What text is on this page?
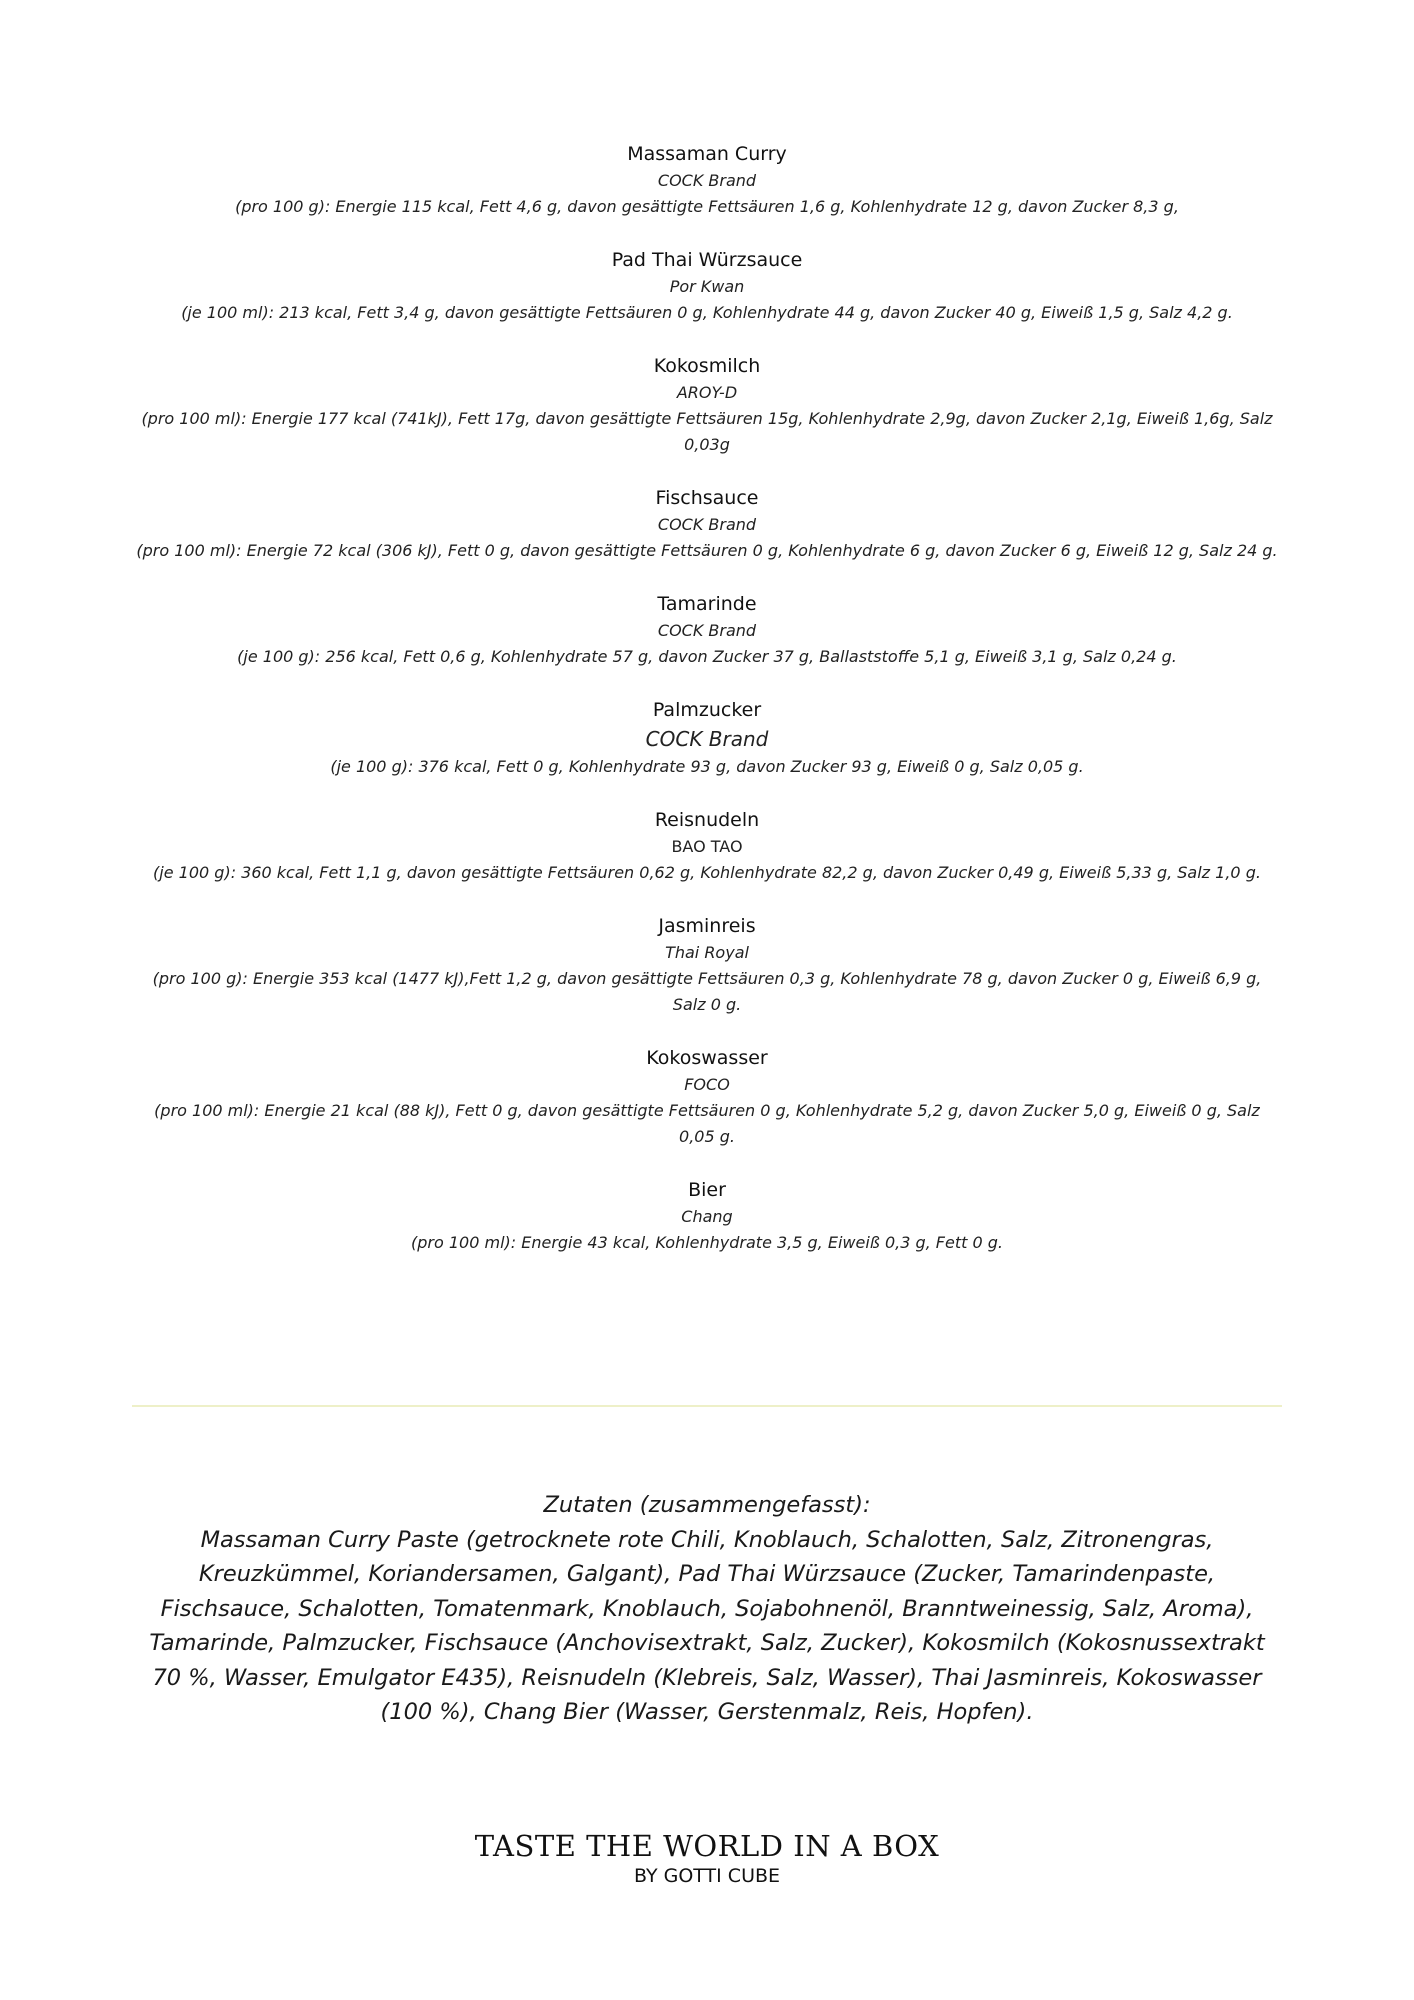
Massaman Curry
COCK Brand
(pro 100 g): Energie 115 kcal, Fett 4,6 g, davon gesättigte Fettsäuren 1,6 g, Kohlenhydrate 12 g, davon Zucker 8,3 g,
Pad Thai Würzsauce
Por Kwan
(je 100 ml): 213 kcal, Fett 3,4 g, davon gesättigte Fettsäuren 0 g, Kohlenhydrate 44 g, davon Zucker 40 g, Eiweiß 1,5 g, Salz 4,2 g.
Kokosmilch
AROY-D
(pro 100 ml): Energie 177 kcal (741kJ), Fett 17g, davon gesättigte Fettsäuren 15g, Kohlenhydrate 2,9g, davon Zucker 2,1g, Eiweiß 1,6g, Salz 0,03g
Fischsauce
COCK Brand
(pro 100 ml): Energie 72 kcal (306 kJ), Fett 0 g, davon gesättigte Fettsäuren 0 g, Kohlenhydrate 6 g, davon Zucker 6 g, Eiweiß 12 g, Salz 24 g.
Tamarinde
COCK Brand
(je 100 g): 256 kcal, Fett 0,6 g, Kohlenhydrate 57 g, davon Zucker 37 g, Ballaststoffe 5,1 g, Eiweiß 3,1 g, Salz 0,24 g.
Palmzucker
COCK Brand
(je 100 g): 376 kcal, Fett 0 g, Kohlenhydrate 93 g, davon Zucker 93 g, Eiweiß 0 g, Salz 0,05 g.
Reisnudeln
BAO TAO
(je 100 g): 360 kcal, Fett 1,1 g, davon gesättigte Fettsäuren 0,62 g, Kohlenhydrate 82,2 g, davon Zucker 0,49 g, Eiweiß 5,33 g, Salz 1,0 g.
Jasminreis
Thai Royal
(pro 100 g): Energie 353 kcal (1477 kJ),Fett 1,2 g, davon gesättigte Fettsäuren 0,3 g, Kohlenhydrate 78 g, davon Zucker 0 g, Eiweiß 6,9 g, Salz 0 g.
Kokoswasser
FOCO
(pro 100 ml): Energie 21 kcal (88 kJ), Fett 0 g, davon gesättigte Fettsäuren 0 g, Kohlenhydrate 5,2 g, davon Zucker 5,0 g, Eiweiß 0 g, Salz 0,05 g.
Bier
Chang
(pro 100 ml): Energie 43 kcal, Kohlenhydrate 3,5 g, Eiweiß 0,3 g, Fett 0 g.
Zutaten (zusammengefasst):
Massaman Curry Paste (getrocknete rote Chili, Knoblauch, Schalotten, Salz, Zitronengras, Kreuzkümmel, Koriandersamen, Galgant), Pad Thai Würzsauce (Zucker, Tamarindenpaste, Fischsauce, Schalotten, Tomatenmark, Knoblauch, Sojabohnenöl, Branntweinessig, Salz, Aroma), Tamarinde, Palmzucker, Fischsauce (Anchovisextrakt, Salz, Zucker), Kokosmilch (Kokosnussextrakt 70 %, Wasser, Emulgator E435), Reisnudeln (Klebreis, Salz, Wasser), Thai Jasminreis, Kokoswasser (100 %), Chang Bier (Wasser, Gerstenmalz, Reis, Hopfen).
TASTE THE WORLD IN A BOX
BY GOTTI CUBE
